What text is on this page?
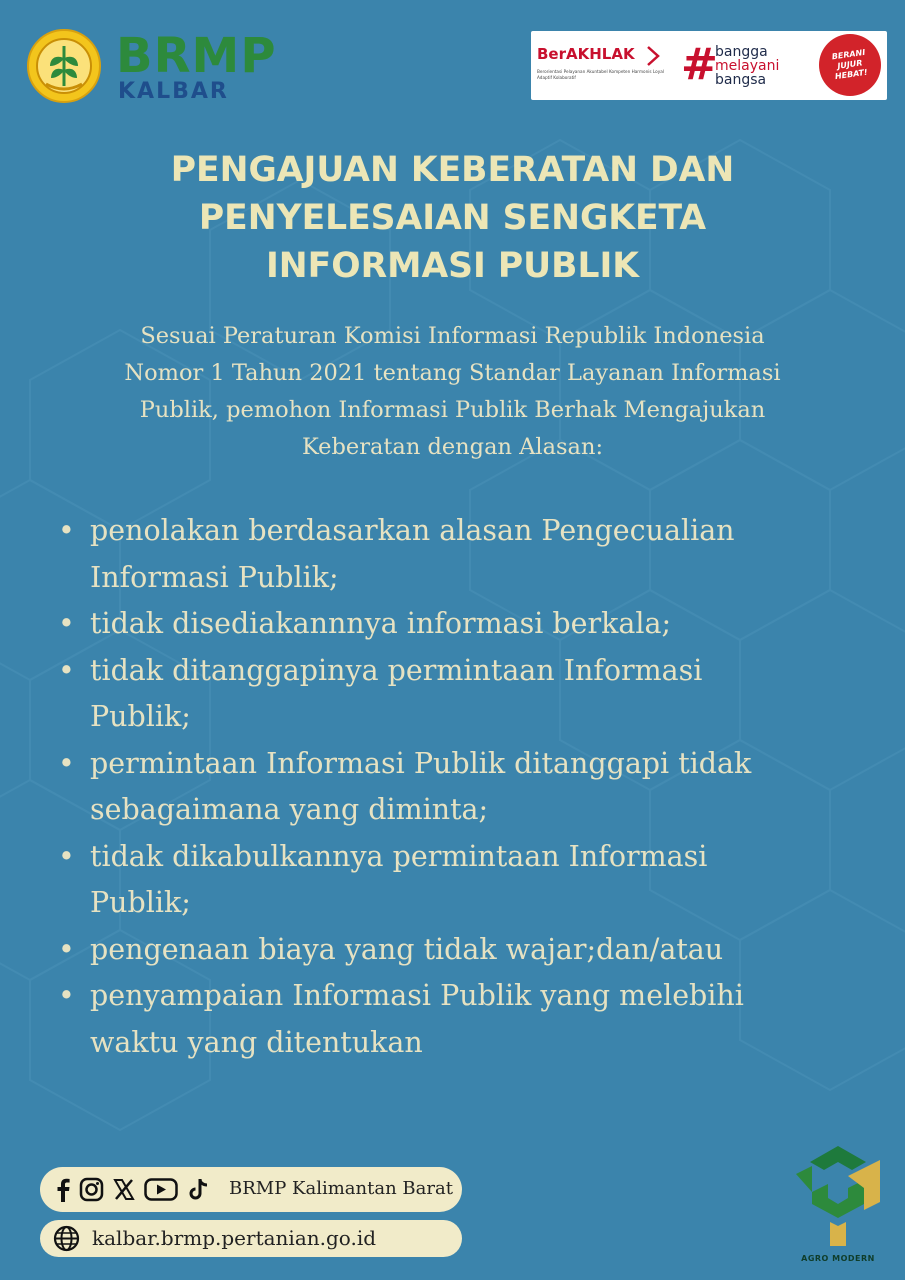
BRMP
KALBAR
BerAKHLAK
Berorientasi Pelayanan Akuntabel Kompeten Harmonis Loyal Adaptif Kolaboratif	#
bangga
melayani
bangsa
BERANI JUJUR HEBAT!
PENGAJUAN KEBERATAN DAN
PENYELESAIAN SENGKETA
INFORMASI PUBLIK
Sesuai Peraturan Komisi Informasi Republik Indonesia
Nomor 1 Tahun 2021 tentang Standar Layanan Informasi
Publik, pemohon Informasi Publik Berhak Mengajukan
Keberatan dengan Alasan:
• penolakan berdasarkan alasan Pengecualian
Informasi Publik;
• tidak disediakannnya informasi berkala;
• tidak ditanggapinya permintaan Informasi
Publik;
• permintaan Informasi Publik ditanggapi tidak
sebagaimana yang diminta;
• tidak dikabulkannya permintaan Informasi
Publik;
• pengenaan biaya yang tidak wajar;dan/atau
• penyampaian Informasi Publik yang melebihi
waktu yang ditentukan
BRMP Kalimantan Barat
kalbar.brmp.pertanian.go.id
AGRO MODERN
